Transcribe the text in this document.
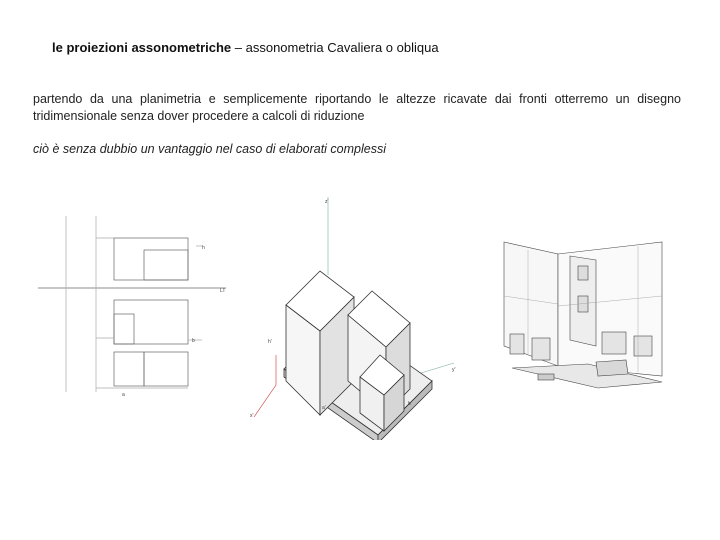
le proiezioni assonometriche – assonometria Cavaliera o obliqua
partendo da una planimetria e semplicemente riportando le altezze ricavate dai fronti otterremo un disegno tridimensionale senza dover procedere a calcoli di riduzione
ciò è senza dubbio un vantaggio nel caso di elaborati complessi
h
LT
b
a
z'
h'
y'
x'
a'
b
